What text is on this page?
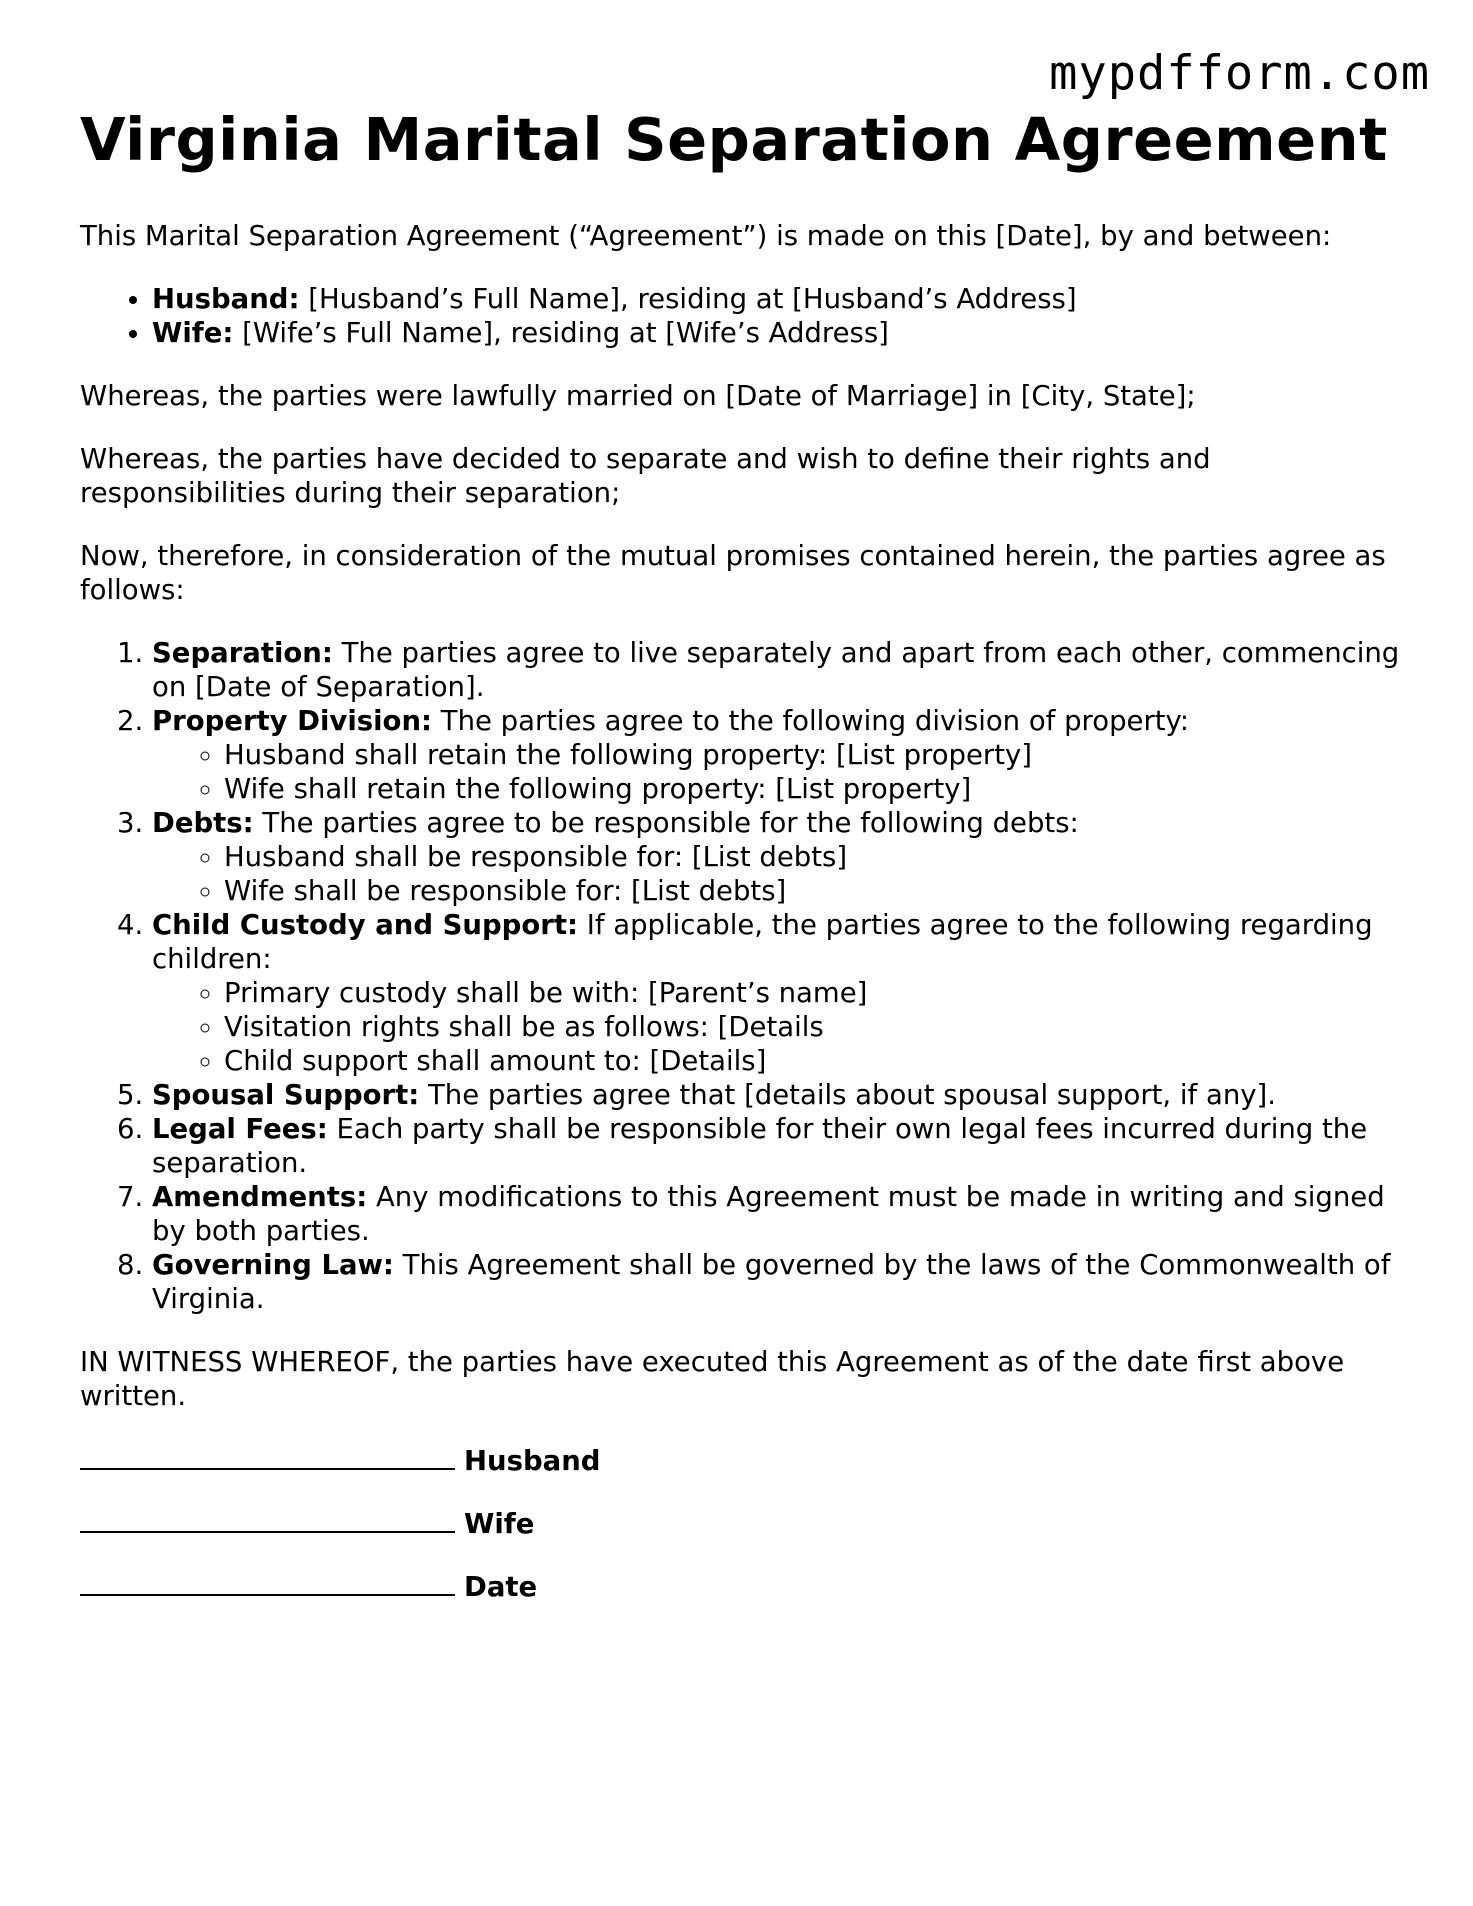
mypdfform.com
Virginia Marital Separation Agreement

This Marital Separation Agreement (“Agreement”) is made on this [Date], by and between:

• Husband: [Husband’s Full Name], residing at [Husband’s Address]
• Wife: [Wife’s Full Name], residing at [Wife’s Address]

Whereas, the parties were lawfully married on [Date of Marriage] in [City, State];

Whereas, the parties have decided to separate and wish to define their rights and responsibilities during their separation;

Now, therefore, in consideration of the mutual promises contained herein, the parties agree as follows:

1. Separation: The parties agree to live separately and apart from each other, commencing on [Date of Separation].
2. Property Division: The parties agree to the following division of property:
◦ Husband shall retain the following property: [List property]
◦ Wife shall retain the following property: [List property]
3. Debts: The parties agree to be responsible for the following debts:
◦ Husband shall be responsible for: [List debts]
◦ Wife shall be responsible for: [List debts]
4. Child Custody and Support: If applicable, the parties agree to the following regarding children:
◦ Primary custody shall be with: [Parent’s name]
◦ Visitation rights shall be as follows: [Details
◦ Child support shall amount to: [Details]
5. Spousal Support: The parties agree that [details about spousal support, if any].
6. Legal Fees: Each party shall be responsible for their own legal fees incurred during the separation.
7. Amendments: Any modifications to this Agreement must be made in writing and signed by both parties.
8. Governing Law: This Agreement shall be governed by the laws of the Commonwealth of Virginia.

IN WITNESS WHEREOF, the parties have executed this Agreement as of the date first above written.

Husband
Wife
Date
